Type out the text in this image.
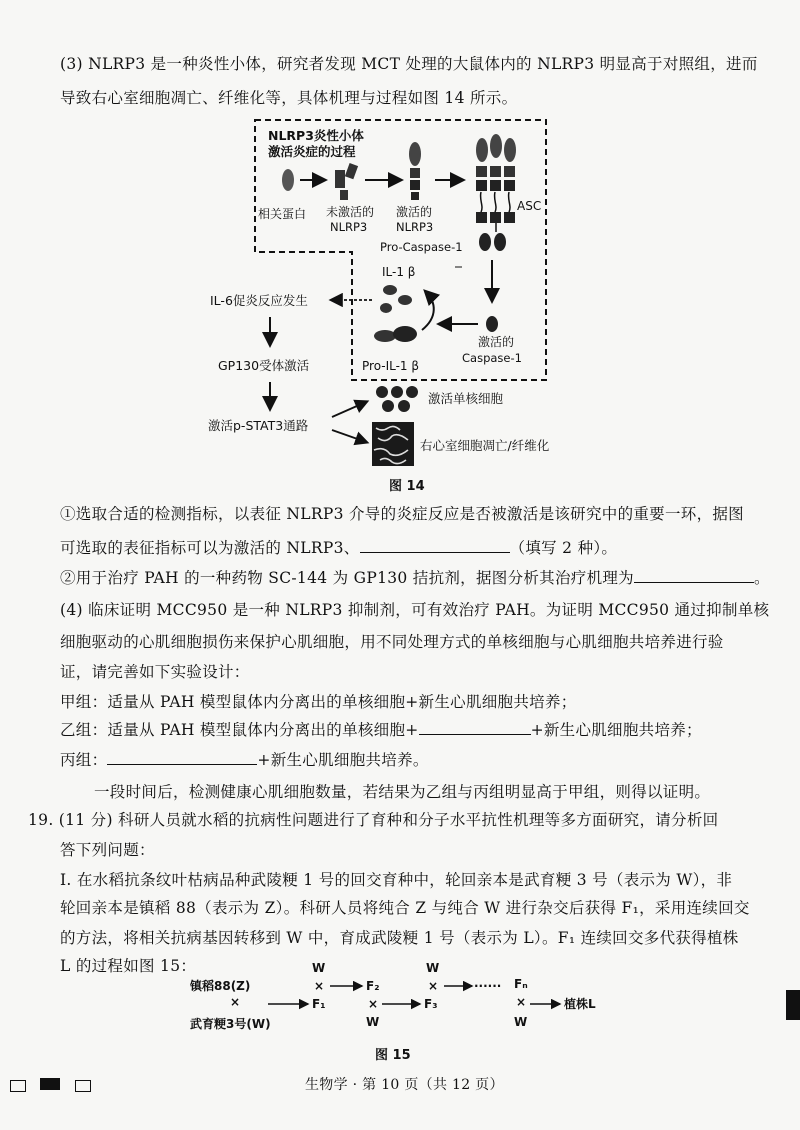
(3) NLRP3 是一种炎性小体，研究者发现 MCT 处理的大鼠体内的 NLRP3 明显高于对照组，进而
导致右心室细胞凋亡、纤维化等，具体机理与过程如图 14 所示。
NLRP3炎性小体
激活炎症的过程
ASC
相关蛋白 未激活的
NLRP3
激活的
NLRP3
Pro-Caspase-1
激活的
Caspase-1
Pro-IL-1 β
IL-1 β
IL-6促炎反应发生
GP130受体激活
激活p-STAT3通路
激活单核细胞
右心室细胞凋亡/纤维化
图 14
①选取合适的检测指标，以表征 NLRP3 介导的炎症反应是否被激活是该研究中的重要一环，据图
可选取的表征指标可以为激活的 NLRP3、	（填写 2 种）。
②用于治疗 PAH 的一种药物 SC-144 为 GP130 拮抗剂，据图分析其治疗机理为	。
(4) 临床证明 MCC950 是一种 NLRP3 抑制剂，可有效治疗 PAH。为证明 MCC950 通过抑制单核
细胞驱动的心肌细胞损伤来保护心肌细胞，用不同处理方式的单核细胞与心肌细胞共培养进行验
证，请完善如下实验设计：
甲组：适量从 PAH 模型鼠体内分离出的单核细胞+新生心肌细胞共培养；
乙组：适量从 PAH 模型鼠体内分离出的单核细胞+	+新生心肌细胞共培养；
丙组：	+新生心肌细胞共培养。
一段时间后，检测健康心肌细胞数量，若结果为乙组与丙组明显高于甲组，则得以证明。
19. (11 分) 科研人员就水稻的抗病性问题进行了育种和分子水平抗性机理等多方面研究，请分析回
答下列问题：
Ⅰ. 在水稻抗条纹叶枯病品种武陵粳 1 号的回交育种中，轮回亲本是武育粳 3 号（表示为 W），非
轮回亲本是镇稻 88（表示为 Z）。科研人员将纯合 Z 与纯合 W 进行杂交后获得 F₁，采用连续回交
的方法，将相关抗病基因转移到 W 中，育成武陵粳 1 号（表示为 L）。F₁ 连续回交多代获得植株
L 的过程如图 15：
镇稻88(Z)
×
武育粳3号(W)
F₁
W
×	F₂
×
W
F₃
W
×	······ Fₙ
×
W
植株L
图 15
生物学 · 第 10 页（共 12 页）
